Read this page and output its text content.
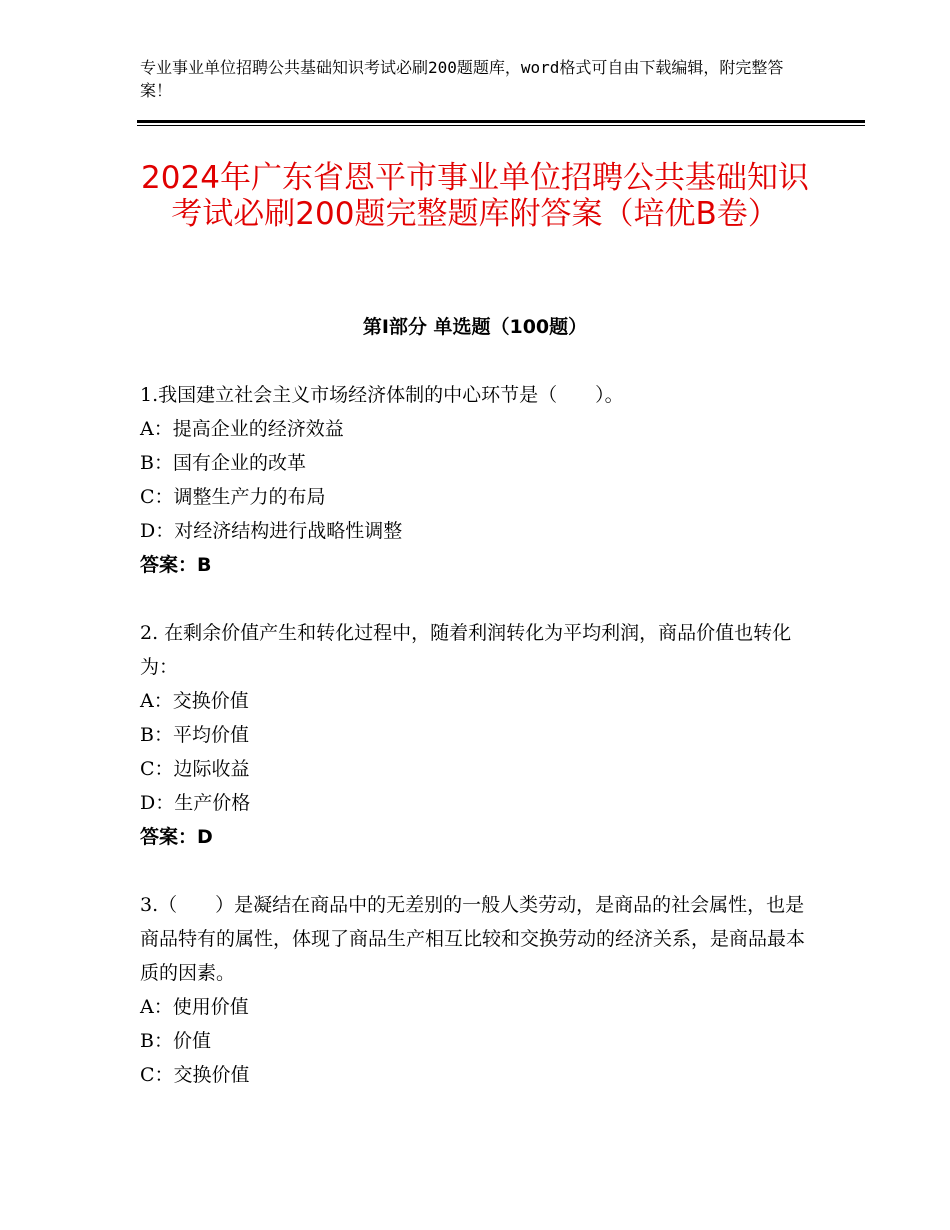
专业事业单位招聘公共基础知识考试必刷200题题库，word格式可自由下载编辑，附完整答案！
2024年广东省恩平市事业单位招聘公共基础知识考试必刷200题完整题库附答案（培优B卷）
第Ⅰ部分 单选题（100题）

1.我国建立社会主义市场经济体制的中心环节是（　　）。

A：提高企业的经济效益

B：国有企业的改革

C：调整生产力的布局

D：对经济结构进行战略性调整

答案：B

2. 在剩余价值产生和转化过程中，随着利润转化为平均利润，商品价值也转化为：

A：交换价值

B：平均价值

C：边际收益

D：生产价格

答案：D

3.（　　）是凝结在商品中的无差别的一般人类劳动，是商品的社会属性，也是商品特有的属性，体现了商品生产相互比较和交换劳动的经济关系，是商品最本质的因素。

A：使用价值

B：价值

C：交换价值
